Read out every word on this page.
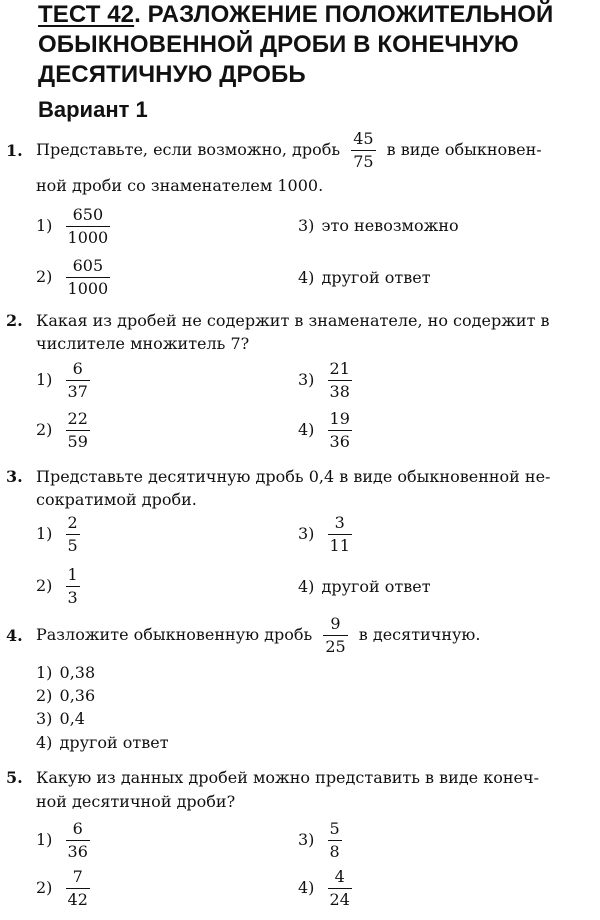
ТЕСТ 42. РАЗЛОЖЕНИЕ ПОЛОЖИТЕЛЬНОЙ ОБЫКНОВЕННОЙ ДРОБИ В КОНЕЧНУЮ ДЕСЯТИЧНУЮ ДРОБЬ
Вариант 1
1. Представьте, если возможно, дробь $\frac{45}{75}$ в виде обыкновен-
ной дроби со знаменателем 1000.
$1) \frac{650}{1000}$
$2) \frac{605}{1000}$
3) это невозможно
4) другой ответ
2. Какая из дробей не содержит в знаменателе, но содержит в
числителе множитель 7?
$1) \frac{6}{37}$
$2) \frac{22}{59}$
$3) \frac{21}{38}$
$4) \frac{19}{36}$
3. Представьте десятичную дробь 0,4 в виде обыкновенной не-
сократимой дроби.
$1) \frac{2}{5}$
$2) \frac{1}{3}$
$3) \frac{3}{11}$
4) другой ответ
4. Разложите обыкновенную дробь $\frac{9}{25}$ в десятичную.
1) 0,38
2) 0,36
3) 0,4
4) другой ответ
5. Какую из данных дробей можно представить в виде конеч-
ной десятичной дроби?
$1) \frac{6}{36}$
$2) \frac{7}{42}$
$3) \frac{5}{8}$
$4) \frac{4}{24}$
